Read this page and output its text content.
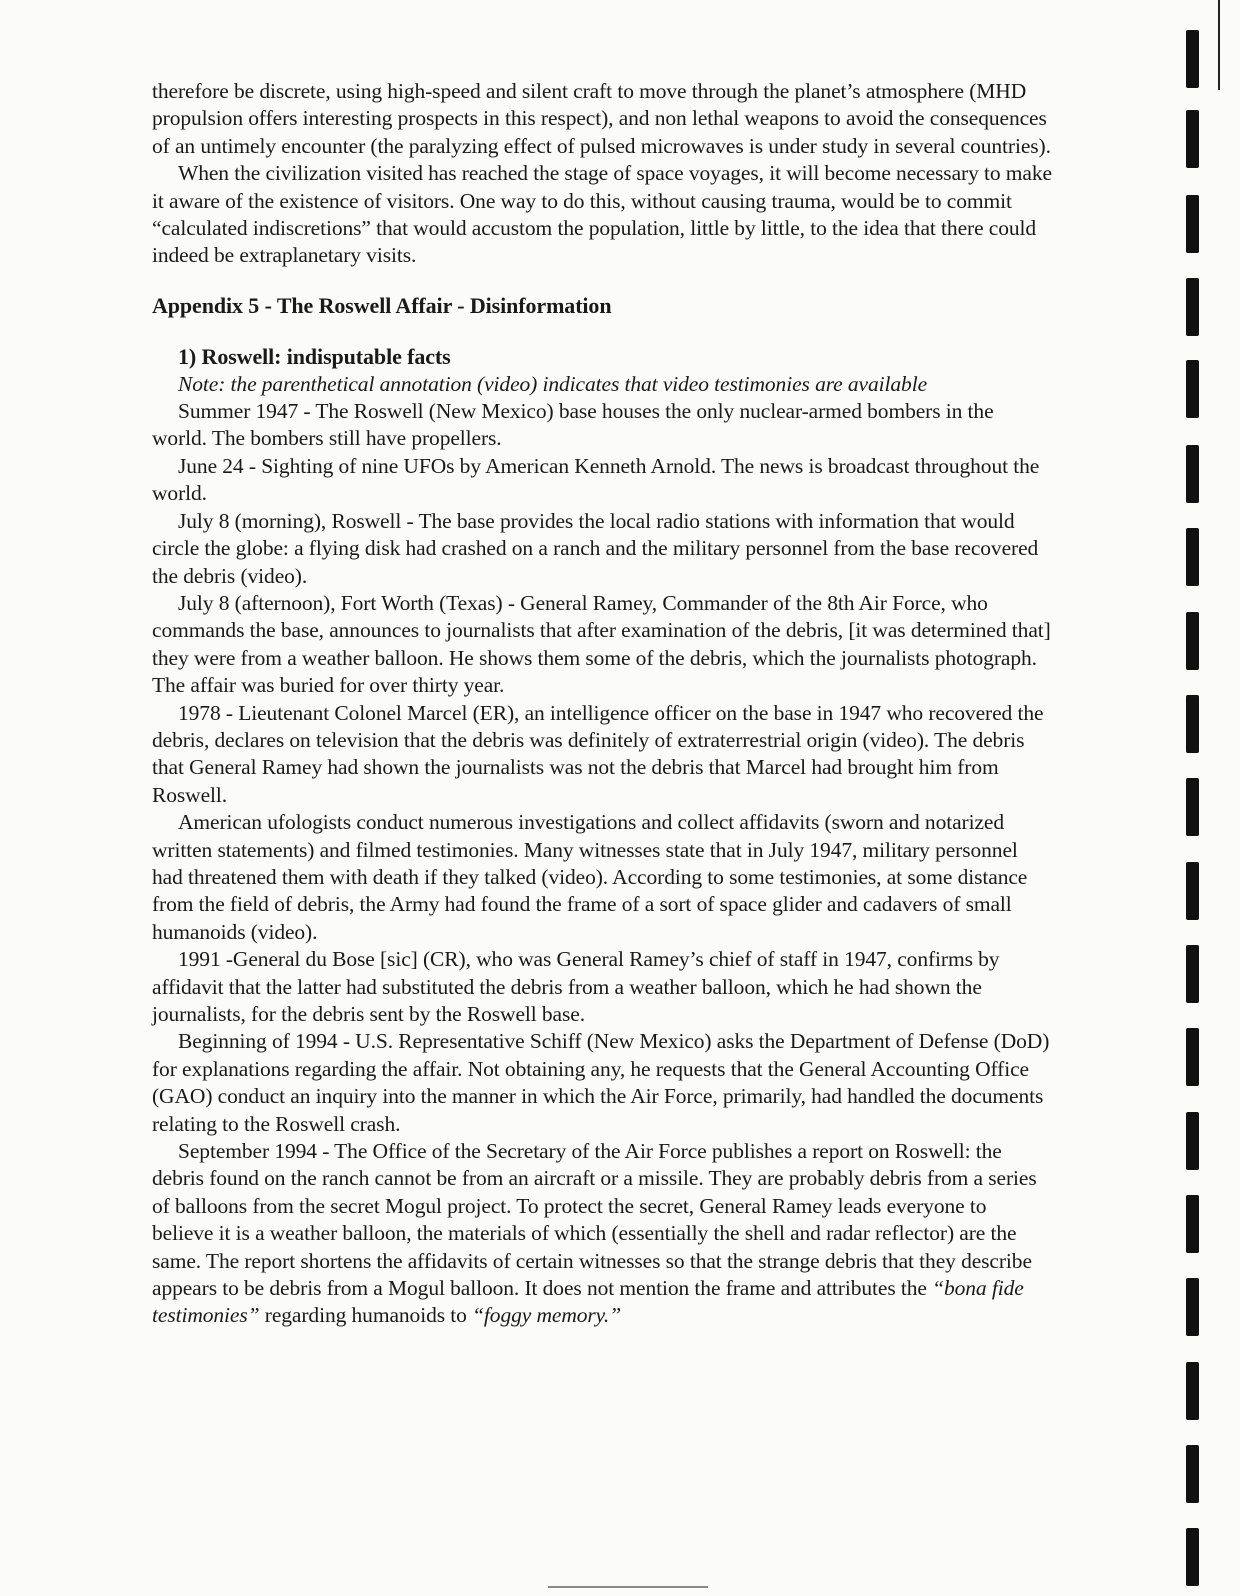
therefore be discrete, using high-speed and silent craft to move through the planet’s atmosphere (MHD propulsion offers interesting prospects in this respect), and non lethal weapons to avoid the consequences of an untimely encounter (the paralyzing effect of pulsed microwaves is under study in several countries).

When the civilization visited has reached the stage of space voyages, it will become necessary to make it aware of the existence of visitors. One way to do this, without causing trauma, would be to commit “calculated indiscretions” that would accustom the population, little by little, to the idea that there could indeed be extraplanetary visits.

Appendix 5 - The Roswell Affair - Disinformation

1) Roswell: indisputable facts

Note: the parenthetical annotation (video) indicates that video testimonies are available

Summer 1947 - The Roswell (New Mexico) base houses the only nuclear-armed bombers in the world. The bombers still have propellers.

June 24 - Sighting of nine UFOs by American Kenneth Arnold. The news is broadcast throughout the world.

July 8 (morning), Roswell - The base provides the local radio stations with information that would circle the globe: a flying disk had crashed on a ranch and the military personnel from the base recovered the debris (video).

July 8 (afternoon), Fort Worth (Texas) - General Ramey, Commander of the 8th Air Force, who commands the base, announces to journalists that after examination of the debris, [it was determined that] they were from a weather balloon. He shows them some of the debris, which the journalists photograph. The affair was buried for over thirty year.

1978 - Lieutenant Colonel Marcel (ER), an intelligence officer on the base in 1947 who recovered the debris, declares on television that the debris was definitely of extraterrestrial origin (video). The debris that General Ramey had shown the journalists was not the debris that Marcel had brought him from Roswell.

American ufologists conduct numerous investigations and collect affidavits (sworn and notarized written statements) and filmed testimonies. Many witnesses state that in July 1947, military personnel had threatened them with death if they talked (video). According to some testimonies, at some distance from the field of debris, the Army had found the frame of a sort of space glider and cadavers of small humanoids (video).

1991 -General du Bose [sic] (CR), who was General Ramey’s chief of staff in 1947, confirms by affidavit that the latter had substituted the debris from a weather balloon, which he had shown the journalists, for the debris sent by the Roswell base.

Beginning of 1994 - U.S. Representative Schiff (New Mexico) asks the Department of Defense (DoD) for explanations regarding the affair. Not obtaining any, he requests that the General Accounting Office (GAO) conduct an inquiry into the manner in which the Air Force, primarily, had handled the documents relating to the Roswell crash.

September 1994 - The Office of the Secretary of the Air Force publishes a report on Roswell: the debris found on the ranch cannot be from an aircraft or a missile. They are probably debris from a series of balloons from the secret Mogul project. To protect the secret, General Ramey leads everyone to believe it is a weather balloon, the materials of which (essentially the shell and radar reflector) are the same. The report shortens the affidavits of certain witnesses so that the strange debris that they describe appears to be debris from a Mogul balloon. It does not mention the frame and attributes the “bona fide testimonies” regarding humanoids to “foggy memory.”
